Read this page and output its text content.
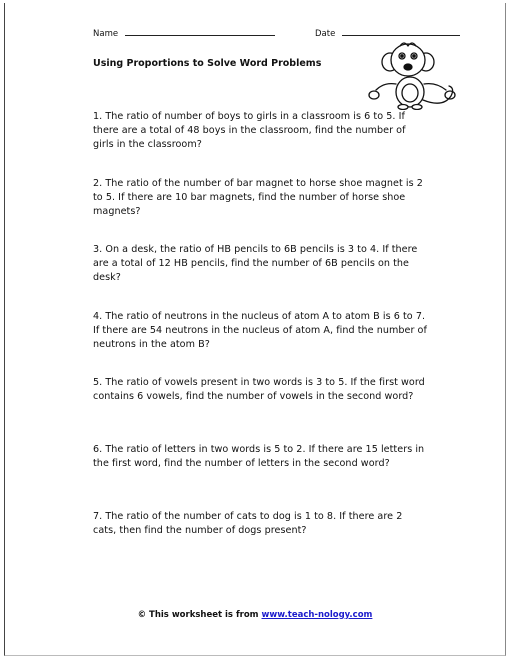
Name	Date
Using Proportions to Solve Word Problems
1. The ratio of number of boys to girls in a classroom is 6 to 5. If there are a total of 48 boys in the classroom, find the number of girls in the classroom?
2. The ratio of the number of bar magnet to horse shoe magnet is 2 to 5. If there are 10 bar magnets, find the number of horse shoe magnets?
3. On a desk, the ratio of HB pencils to 6B pencils is 3 to 4. If there are a total of 12 HB pencils, find the number of 6B pencils on the desk?
4. The ratio of neutrons in the nucleus of atom A to atom B is 6 to 7. If there are 54 neutrons in the nucleus of atom A, find the number of neutrons in the atom B?
5. The ratio of vowels present in two words is 3 to 5. If the first word contains 6 vowels, find the number of vowels in the second word?
6. The ratio of letters in two words is 5 to 2. If there are 15 letters in the first word, find the number of letters in the second word?
7. The ratio of the number of cats to dog is 1 to 8. If there are 2 cats, then find the number of dogs present?
© This worksheet is from www.teach-nology.com
